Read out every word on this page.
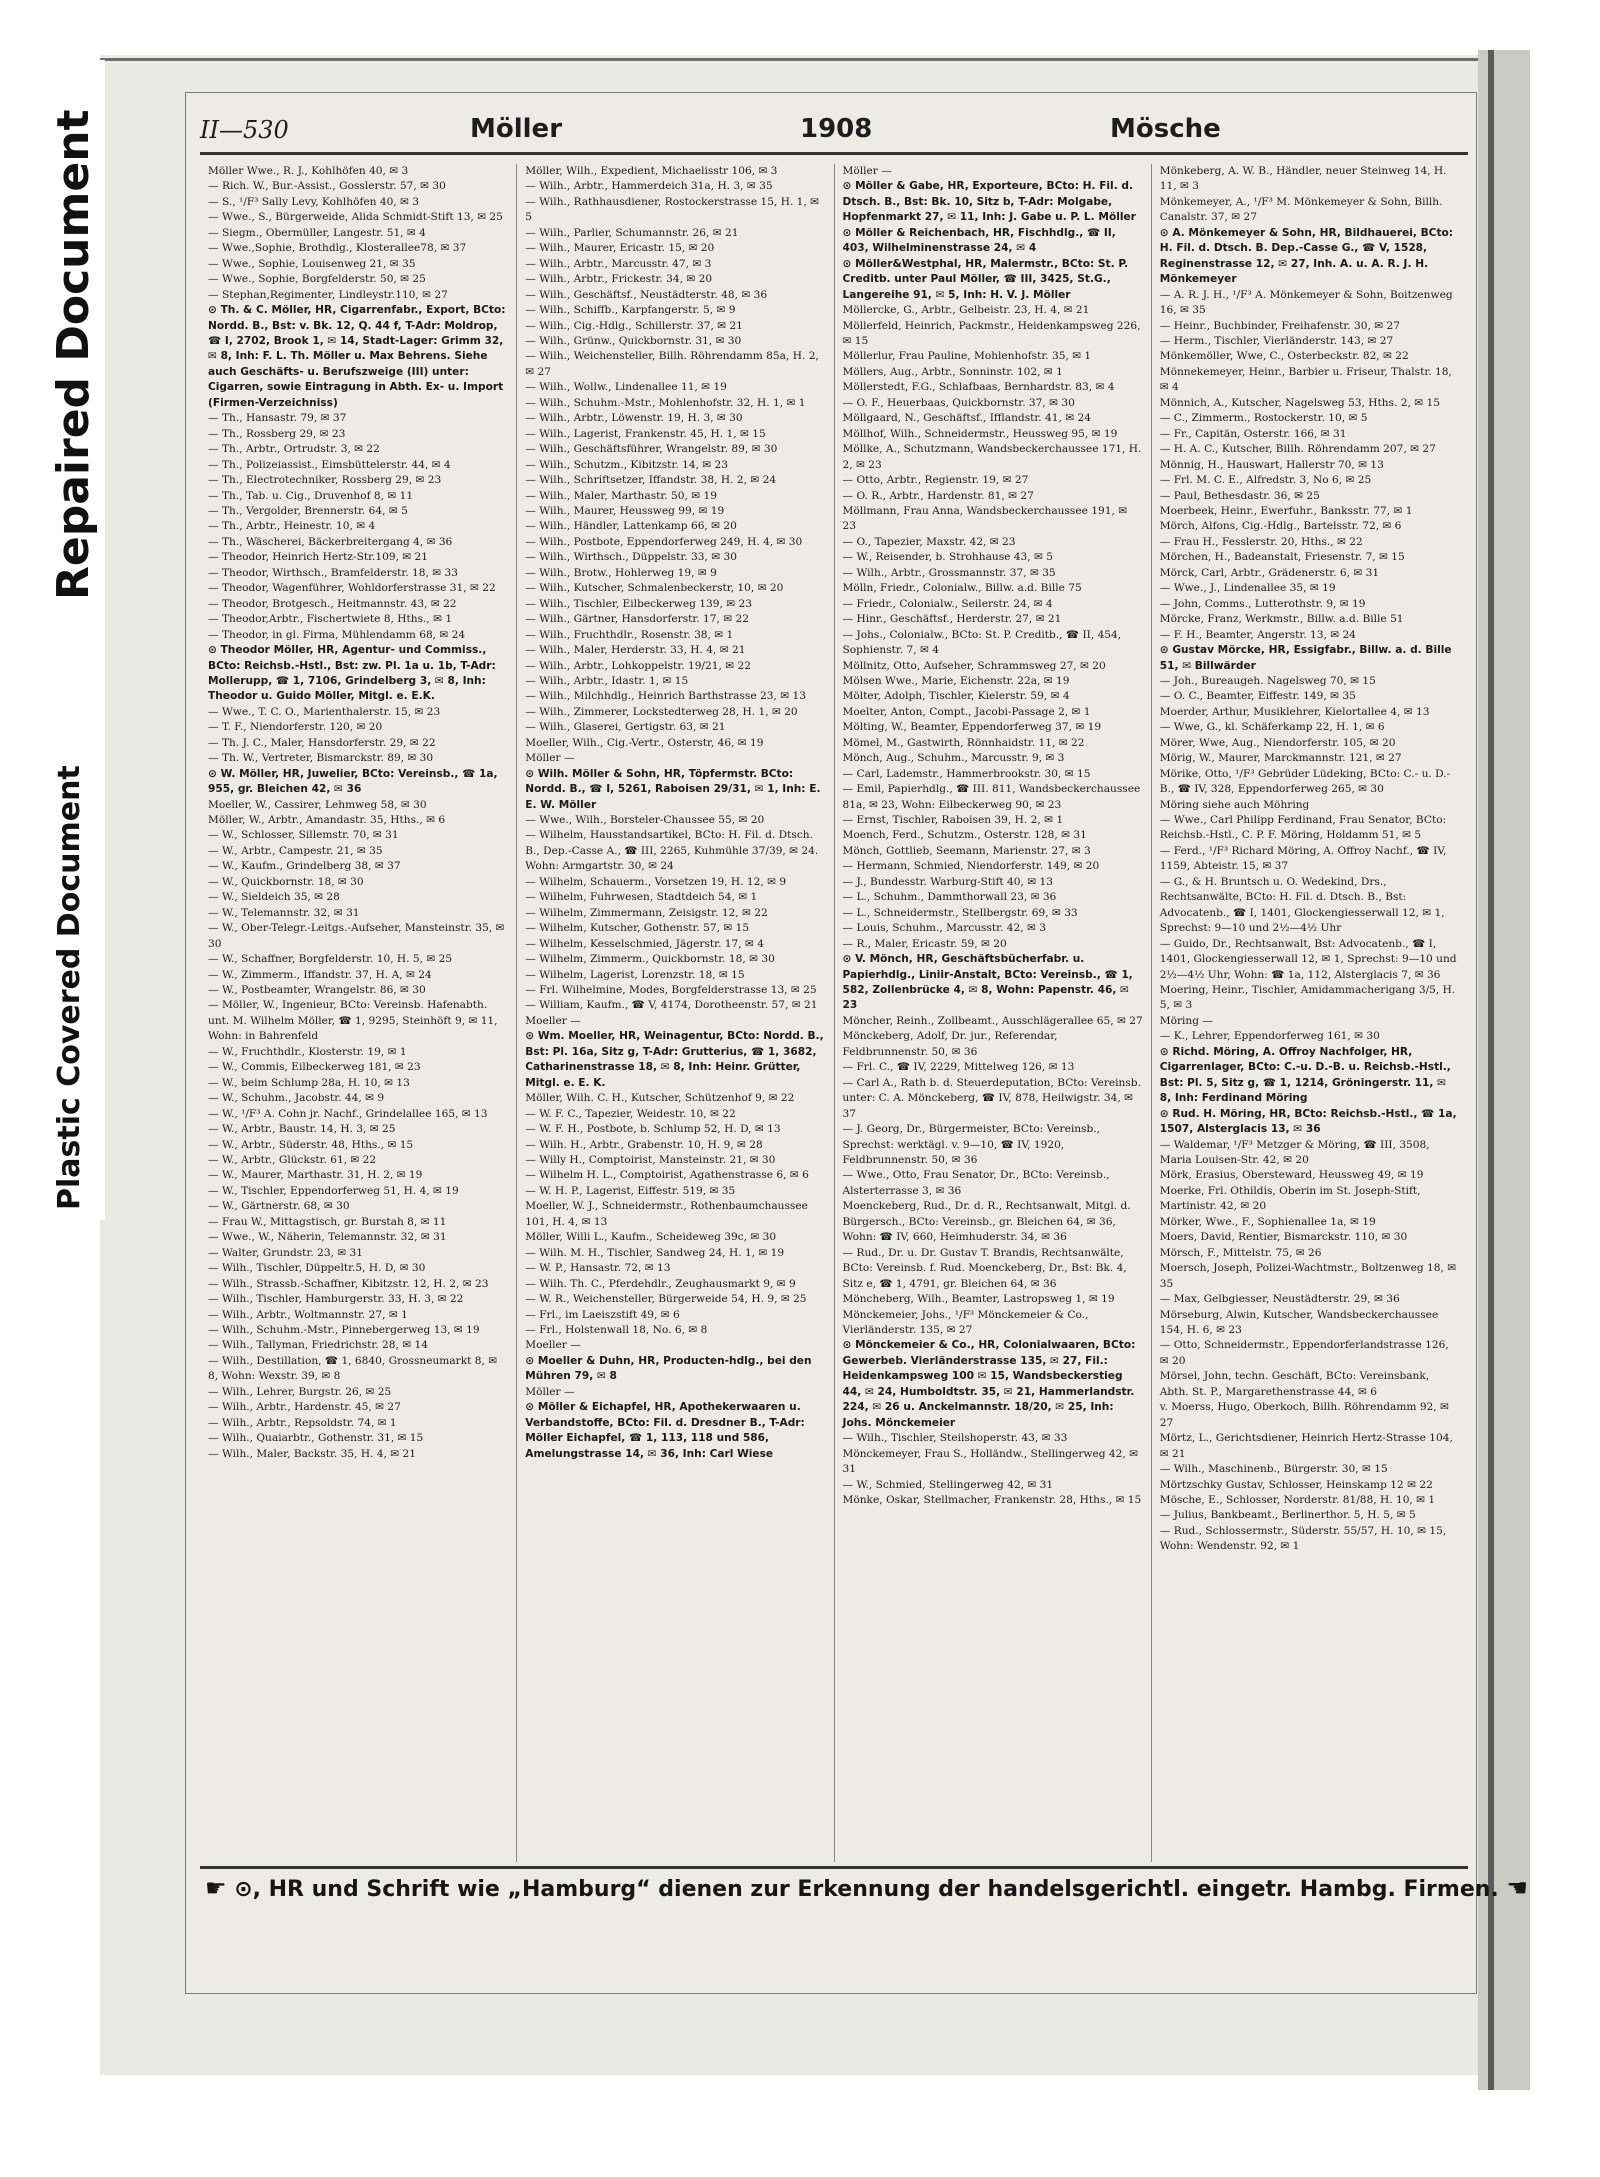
Repaired Document
Plastic Covered Document
II—530	Möller	1908	Mösche

Möller Wwe., R. J., Kohlhöfen 40, ✉ 3

— Rich. W., Bur.-Assist., Gosslerstr. 57, ✉ 30

— S., ¹/F³ Sally Levy, Kohlhöfen 40, ✉ 3

— Wwe., S., Bürgerweide, Alida Schmidt-Stift 13, ✉ 25

— Siegm., Obermüller, Langestr. 51, ✉ 4

— Wwe.,Sophie, Brothdlg., Klosterallee78, ✉ 37

— Wwe., Sophie, Louisenweg 21, ✉ 35

— Wwe., Sophie, Borgfelderstr. 50, ✉ 25

— Stephan,Regimenter, Lindleystr.110, ✉ 27

⊙ Th. & C. Möller, HR, Cigarrenfabr., Export, BCto: Nordd. B., Bst: v. Bk. 12, Q. 44 f, T-Adr: Moldrop, ☎ I, 2702, Brook 1, ✉ 14, Stadt-Lager: Grimm 32, ✉ 8, Inh: F. L. Th. Möller u. Max Behrens. Siehe auch Geschäfts- u. Berufszweige (III) unter: Cigarren, sowie Eintragung in Abth. Ex- u. Import (Firmen-Verzeichniss)

— Th., Hansastr. 79, ✉ 37

— Th., Rossberg 29, ✉ 23

— Th., Arbtr., Ortrudstr. 3, ✉ 22

— Th., Polizeiassist., Eimsbüttelerstr. 44, ✉ 4

— Th., Electrotechniker, Rossberg 29, ✉ 23

— Th., Tab. u. Cig., Druvenhof 8, ✉ 11

— Th., Vergolder, Brennerstr. 64, ✉ 5

— Th., Arbtr., Heinestr. 10, ✉ 4

— Th., Wäscherei, Bäckerbreitergang 4, ✉ 36

— Theodor, Heinrich Hertz-Str.109, ✉ 21

— Theodor, Wirthsch., Bramfelderstr. 18, ✉ 33

— Theodor, Wagenführer, Wohldorferstrasse 31, ✉ 22

— Theodor, Brotgesch., Heitmannstr. 43, ✉ 22

— Theodor,Arbtr., Fischertwiete 8, Hths., ✉ 1

— Theodor, in gl. Firma, Mühlendamm 68, ✉ 24

⊙ Theodor Möller, HR, Agentur- und Commiss., BCto: Reichsb.-Hstl., Bst: zw. Pl. 1a u. 1b, T-Adr: Mollerupp, ☎ 1, 7106, Grindelberg 3, ✉ 8, Inh: Theodor u. Guido Möller, Mitgl. e. E.K.

— Wwe., T. C. O., Marienthalerstr. 15, ✉ 23

— T. F., Niendorferstr. 120, ✉ 20

— Th. J. C., Maler, Hansdorferstr. 29, ✉ 22

— Th. W., Vertreter, Bismarckstr. 89, ✉ 30

⊙ W. Möller, HR, Juwelier, BCto: Vereinsb., ☎ 1a, 955, gr. Bleichen 42, ✉ 36

Moeller, W., Cassirer, Lehmweg 58, ✉ 30

Möller, W., Arbtr., Amandastr. 35, Hths., ✉ 6

— W., Schlosser, Sillemstr. 70, ✉ 31

— W., Arbtr., Campestr. 21, ✉ 35

— W., Kaufm., Grindelberg 38, ✉ 37

— W., Quickbornstr. 18, ✉ 30

— W., Sieldeich 35, ✉ 28

— W., Telemannstr. 32, ✉ 31

— W., Ober-Telegr.-Leitgs.-Aufseher, Mansteinstr. 35, ✉ 30

— W., Schaffner, Borgfelderstr. 10, H. 5, ✉ 25

— W., Zimmerm., Iffandstr. 37, H. A, ✉ 24

— W., Postbeamter, Wrangelstr. 86, ✉ 30

— Möller, W., Ingenieur, BCto: Vereinsb. Hafenabth. unt. M. Wilhelm Möller, ☎ 1, 9295, Steinhöft 9, ✉ 11, Wohn: in Bahrenfeld

— W., Fruchthdlr., Klosterstr. 19, ✉ 1

— W., Commis, Eilbeckerweg 181, ✉ 23

— W., beim Schlump 28a, H. 10, ✉ 13

— W., Schuhm., Jacobstr. 44, ✉ 9

— W., ¹/F³ A. Cohn jr. Nachf., Grindelallee 165, ✉ 13

— W., Arbtr., Baustr. 14, H. 3, ✉ 25

— W., Arbtr., Süderstr. 48, Hths., ✉ 15

— W., Arbtr., Glückstr. 61, ✉ 22

— W., Maurer, Marthastr. 31, H. 2, ✉ 19

— W., Tischler, Eppendorferweg 51, H. 4, ✉ 19

— W., Gärtnerstr. 68, ✉ 30

— Frau W., Mittagstisch, gr. Burstah 8, ✉ 11

— Wwe., W., Näherin, Telemannstr. 32, ✉ 31

— Walter, Grundstr. 23, ✉ 31

— Wilh., Tischler, Düppeltr.5, H. D, ✉ 30

— Wilh., Strassb.-Schaffner, Kibitzstr. 12, H. 2, ✉ 23

— Wilh., Tischler, Hamburgerstr. 33, H. 3, ✉ 22

— Wilh., Arbtr., Woltmannstr. 27, ✉ 1

— Wilh., Schuhm.-Mstr., Pinnebergerweg 13, ✉ 19

— Wilh., Tallyman, Friedrichstr. 28, ✉ 14

— Wilh., Destillation, ☎ 1, 6840, Grossneumarkt 8, ✉ 8, Wohn: Wexstr. 39, ✉ 8

— Wilh., Lehrer, Burgstr. 26, ✉ 25

— Wilh., Arbtr., Hardenstr. 45, ✉ 27

— Wilh., Arbtr., Repsoldstr. 74, ✉ 1

— Wilh., Quaiarbtr., Gothenstr. 31, ✉ 15

— Wilh., Maler, Backstr. 35, H. 4, ✉ 21

Möller, Wilh., Expedient, Michaelisstr 106, ✉ 3

— Wilh., Arbtr., Hammerdeich 31a, H. 3, ✉ 35

— Wilh., Rathhausdiener, Rostockerstrasse 15, H. 1, ✉ 5

— Wilh., Parlier, Schumannstr. 26, ✉ 21

— Wilh., Maurer, Ericastr. 15, ✉ 20

— Wilh., Arbtr., Marcusstr. 47, ✉ 3

— Wilh., Arbtr., Frickestr. 34, ✉ 20

— Wilh., Geschäftsf., Neustädterstr. 48, ✉ 36

— Wilh., Schiffb., Karpfangerstr. 5, ✉ 9

— Wilh., Cig.-Hdlg., Schillerstr. 37, ✉ 21

— Wilh., Grünw., Quickbornstr. 31, ✉ 30

— Wilh., Weichensteller, Billh. Röhrendamm 85a, H. 2, ✉ 27

— Wilh., Wollw., Lindenallee 11, ✉ 19

— Wilh., Schuhm.-Mstr., Mohlenhofstr. 32, H. 1, ✉ 1

— Wilh., Arbtr., Löwenstr. 19, H. 3, ✉ 30

— Wilh., Lagerist, Frankenstr. 45, H. 1, ✉ 15

— Wilh., Geschäftsführer, Wrangelstr. 89, ✉ 30

— Wilh., Schutzm., Kibitzstr. 14, ✉ 23

— Wilh., Schriftsetzer, Iffandstr. 38, H. 2, ✉ 24

— Wilh., Maler, Marthastr. 50, ✉ 19

— Wilh., Maurer, Heussweg 99, ✉ 19

— Wilh., Händler, Lattenkamp 66, ✉ 20

— Wilh., Postbote, Eppendorferweg 249, H. 4, ✉ 30

— Wilh., Wirthsch., Düppelstr. 33, ✉ 30

— Wilh., Brotw., Hohlerweg 19, ✉ 9

— Wilh., Kutscher, Schmalenbeckerstr, 10, ✉ 20

— Wilh., Tischler, Eilbeckerweg 139, ✉ 23

— Wilh., Gärtner, Hansdorferstr. 17, ✉ 22

— Wilh., Fruchthdlr., Rosenstr. 38, ✉ 1

— Wilh., Maler, Herderstr. 33, H. 4, ✉ 21

— Wilh., Arbtr., Lohkoppelstr. 19/21, ✉ 22

— Wilh., Arbtr., Idastr. 1, ✉ 15

— Wilh., Milchhdlg., Heinrich Barthstrasse 23, ✉ 13

— Wilh., Zimmerer, Lockstedterweg 28, H. 1, ✉ 20

— Wilh., Glaserei, Gertigstr. 63, ✉ 21

Moeller, Wilh., Cig.-Vertr., Osterstr, 46, ✉ 19

Möller —

⊙ Wilh. Möller & Sohn, HR, Töpfermstr. BCto: Nordd. B., ☎ I, 5261, Raboisen 29/31, ✉ 1, Inh: E. E. W. Möller

— Wwe., Wilh., Borsteler-Chaussee 55, ✉ 20

— Wilhelm, Hausstandsartikel, BCto: H. Fil. d. Dtsch. B., Dep.-Casse A., ☎ III, 2265, Kuhmühle 37/39, ✉ 24. Wohn: Armgartstr. 30, ✉ 24

— Wilhelm, Schauerm., Vorsetzen 19, H. 12, ✉ 9

— Wilhelm, Fuhrwesen, Stadtdeich 54, ✉ 1

— Wilhelm, Zimmermann, Zeisigstr. 12, ✉ 22

— Wilhelm, Kutscher, Gothenstr. 57, ✉ 15

— Wilhelm, Kesselschmied, Jägerstr. 17, ✉ 4

— Wilhelm, Zimmerm., Quickbornstr. 18, ✉ 30

— Wilhelm, Lagerist, Lorenzstr. 18, ✉ 15

— Frl. Wilhelmine, Modes, Borgfelderstrasse 13, ✉ 25

— William, Kaufm., ☎ V, 4174, Dorotheenstr. 57, ✉ 21

Moeller —

⊙ Wm. Moeller, HR, Weinagentur, BCto: Nordd. B., Bst: Pl. 16a, Sitz g, T-Adr: Grutterius, ☎ 1, 3682, Catharinenstrasse 18, ✉ 8, Inh: Heinr. Grütter, Mitgl. e. E. K.

Möller, Wilh. C. H., Kutscher, Schützenhof 9, ✉ 22

— W. F. C., Tapezier, Weidestr. 10, ✉ 22

— W. F. H., Postbote, b. Schlump 52, H. D, ✉ 13

— Wilh. H., Arbtr., Grabenstr. 10, H. 9, ✉ 28

— Willy H., Comptoirist, Mansteinstr. 21, ✉ 30

— Wilhelm H. L., Comptoirist, Agathenstrasse 6, ✉ 6

— W. H. P., Lagerist, Eiffestr. 519, ✉ 35

Moeller, W. J., Schneidermstr., Rothenbaumchaussee 101, H. 4, ✉ 13

Möller, Willi L., Kaufm., Scheideweg 39c, ✉ 30

— Wilh. M. H., Tischler, Sandweg 24, H. 1, ✉ 19

— W. P., Hansastr. 72, ✉ 13

— Wilh. Th. C., Pferdehdlr., Zeughausmarkt 9, ✉ 9

— W. R., Weichensteller, Bürgerweide 54, H. 9, ✉ 25

— Frl., im Laeiszstift 49, ✉ 6

— Frl., Holstenwall 18, No. 6, ✉ 8

Moeller —

⊙ Moeller & Duhn, HR, Producten-hdlg., bei den Mühren 79, ✉ 8

Möller —

⊙ Möller & Eichapfel, HR, Apothekerwaaren u. Verbandstoffe, BCto: Fil. d. Dresdner B., T-Adr: Möller Eichapfel, ☎ 1, 113, 118 und 586, Amelungstrasse 14, ✉ 36, Inh: Carl Wiese

Möller —

⊙ Möller & Gabe, HR, Exporteure, BCto: H. Fil. d. Dtsch. B., Bst: Bk. 10, Sitz b, T-Adr: Molgabe, Hopfenmarkt 27, ✉ 11, Inh: J. Gabe u. P. L. Möller

⊙ Möller & Reichenbach, HR, Fischhdlg., ☎ II, 403, Wilhelminenstrasse 24, ✉ 4

⊙ Möller&Westphal, HR, Malermstr., BCto: St. P. Creditb. unter Paul Möller, ☎ III, 3425, St.G., Langereihe 91, ✉ 5, Inh: H. V. J. Möller

Möllercke, G., Arbtr., Gelbeistr. 23, H. 4, ✉ 21

Möllerfeld, Heinrich, Packmstr., Heidenkampsweg 226, ✉ 15

Möllerlur, Frau Pauline, Mohlenhofstr. 35, ✉ 1

Möllers, Aug., Arbtr., Sonninstr. 102, ✉ 1

Möllerstedt, F.G., Schlafbaas, Bernhardstr. 83, ✉ 4

— O. F., Heuerbaas, Quickbornstr. 37, ✉ 30

Möllgaard, N., Geschäftsf., Ifflandstr. 41, ✉ 24

Möllhof, Wilh., Schneidermstr., Heussweg 95, ✉ 19

Möllke, A., Schutzmann, Wandsbeckerchaussee 171, H. 2, ✉ 23

— Otto, Arbtr., Regienstr. 19, ✉ 27

— O. R., Arbtr., Hardenstr. 81, ✉ 27

Möllmann, Frau Anna, Wandsbeckerchaussee 191, ✉ 23

— O., Tapezier, Maxstr. 42, ✉ 23

— W., Reisender, b. Strohhause 43, ✉ 5

— Wilh., Arbtr., Grossmannstr. 37, ✉ 35

Mölln, Friedr., Colonialw., Billw. a.d. Bille 75

— Friedr., Colonialw., Seilerstr. 24, ✉ 4

— Hinr., Geschäftsf., Herderstr. 27, ✉ 21

— Johs., Colonialw., BCto: St. P. Creditb., ☎ II, 454, Sophienstr. 7, ✉ 4

Möllnitz, Otto, Aufseher, Schrammsweg 27, ✉ 20

Mölsen Wwe., Marie, Eichenstr. 22a, ✉ 19

Mölter, Adolph, Tischler, Kielerstr. 59, ✉ 4

Moelter, Anton, Compt., Jacobi-Passage 2, ✉ 1

Mölting, W., Beamter, Eppendorferweg 37, ✉ 19

Mömel, M., Gastwirth, Rönnhaidstr. 11, ✉ 22

Mönch, Aug., Schuhm., Marcusstr. 9, ✉ 3

— Carl, Lademstr., Hammerbrookstr. 30, ✉ 15

— Emil, Papierhdlg., ☎ III. 811, Wandsbeckerchaussee 81a, ✉ 23, Wohn: Eilbeckerweg 90, ✉ 23

— Ernst, Tischler, Raboisen 39, H. 2, ✉ 1

Moench, Ferd., Schutzm., Osterstr. 128, ✉ 31

Mönch, Gottlieb, Seemann, Marienstr. 27, ✉ 3

— Hermann, Schmied, Niendorferstr. 149, ✉ 20

— J., Bundesstr. Warburg-Stift 40, ✉ 13

— L., Schuhm., Dammthorwall 23, ✉ 36

— L., Schneidermstr., Stellbergstr. 69, ✉ 33

— Louis, Schuhm., Marcusstr. 42, ✉ 3

— R., Maler, Ericastr. 59, ✉ 20

⊙ V. Mönch, HR, Geschäftsbücherfabr. u. Papierhdlg., Liniir-Anstalt, BCto: Vereinsb., ☎ 1, 582, Zollenbrücke 4, ✉ 8, Wohn: Papenstr. 46, ✉ 23

Möncher, Reinh., Zollbeamt., Ausschlägerallee 65, ✉ 27

Mönckeberg, Adolf, Dr. jur., Referendar, Feldbrunnenstr. 50, ✉ 36

— Frl. C., ☎ IV, 2229, Mittelweg 126, ✉ 13

— Carl A., Rath b. d. Steuerdeputation, BCto: Vereinsb. unter: C. A. Mönckeberg, ☎ IV, 878, Heilwigstr. 34, ✉ 37

— J. Georg, Dr., Bürgermeister, BCto: Vereinsb., Sprechst: werktägl. v. 9—10, ☎ IV, 1920, Feldbrunnenstr. 50, ✉ 36

— Wwe., Otto, Frau Senator, Dr., BCto: Vereinsb., Alsterterrasse 3, ✉ 36

Moenckeberg, Rud., Dr. d. R., Rechtsanwalt, Mitgl. d. Bürgersch., BCto: Vereinsb., gr. Bleichen 64, ✉ 36, Wohn: ☎ IV, 660, Heimhuderstr. 34, ✉ 36

— Rud., Dr. u. Dr. Gustav T. Brandis, Rechtsanwälte, BCto: Vereinsb. f. Rud. Moenckeberg, Dr., Bst: Bk. 4, Sitz e, ☎ 1, 4791, gr. Bleichen 64, ✉ 36

Möncheberg, Wilh., Beamter, Lastropsweg 1, ✉ 19

Mönckemeier, Johs., ¹/F³ Mönckemeier & Co., Vierländerstr. 135, ✉ 27

⊙ Mönckemeier & Co., HR, Colonialwaaren, BCto: Gewerbeb. Vierländerstrasse 135, ✉ 27, Fil.: Heidenkampsweg 100 ✉ 15, Wandsbeckerstieg 44, ✉ 24, Humboldtstr. 35, ✉ 21, Hammerlandstr. 224, ✉ 26 u. Anckelmannstr. 18/20, ✉ 25, Inh: Johs. Mönckemeier

— Wilh., Tischler, Steilshoperstr. 43, ✉ 33

Mönckemeyer, Frau S., Holländw., Stellingerweg 42, ✉ 31

— W., Schmied, Stellingerweg 42, ✉ 31

Mönke, Oskar, Stellmacher, Frankenstr. 28, Hths., ✉ 15

Mönkeberg, A. W. B., Händler, neuer Steinweg 14, H. 11, ✉ 3

Mönkemeyer, A., ¹/F³ M. Mönkemeyer & Sohn, Billh. Canalstr. 37, ✉ 27

⊙ A. Mönkemeyer & Sohn, HR, Bildhauerei, BCto: H. Fil. d. Dtsch. B. Dep.-Casse G., ☎ V, 1528, Reginenstrasse 12, ✉ 27, Inh. A. u. A. R. J. H. Mönkemeyer

— A. R. J. H., ¹/F³ A. Mönkemeyer & Sohn, Boitzenweg 16, ✉ 35

— Heinr., Buchbinder, Freihafenstr. 30, ✉ 27

— Herm., Tischler, Vierländerstr. 143, ✉ 27

Mönkemöller, Wwe, C., Osterbeckstr. 82, ✉ 22

Mönnekemeyer, Heinr., Barbier u. Friseur, Thalstr. 18, ✉ 4

Mönnich, A., Kutscher, Nagelsweg 53, Hths. 2, ✉ 15

— C., Zimmerm., Rostockerstr. 10, ✉ 5

— Fr., Capitän, Osterstr. 166, ✉ 31

— H. A. C., Kutscher, Billh. Röhrendamm 207, ✉ 27

Mönnig, H., Hauswart, Hallerstr 70, ✉ 13

— Frl. M. C. E., Alfredstr. 3, No 6, ✉ 25

— Paul, Bethesdastr. 36, ✉ 25

Moerbeek, Heinr., Ewerfuhr., Banksstr. 77, ✉ 1

Mörch, Alfons, Cig.-Hdlg., Bartelsstr. 72, ✉ 6

— Frau H., Fesslerstr. 20, Hths., ✉ 22

Mörchen, H., Badeanstalt, Friesenstr. 7, ✉ 15

Mörck, Carl, Arbtr., Grädenerstr. 6, ✉ 31

— Wwe., J., Lindenallee 35, ✉ 19

— John, Comms., Lutterothstr. 9, ✉ 19

Mörcke, Franz, Werkmstr., Billw. a.d. Bille 51

— F. H., Beamter, Angerstr. 13, ✉ 24

⊙ Gustav Mörcke, HR, Essigfabr., Billw. a. d. Bille 51, ✉ Billwärder

— Joh., Bureaugeh. Nagelsweg 70, ✉ 15

— O. C., Beamter, Eiffestr. 149, ✉ 35

Moerder, Arthur, Musiklehrer, Kielortallee 4, ✉ 13

— Wwe, G., kl. Schäferkamp 22, H. 1, ✉ 6

Mörer, Wwe, Aug., Niendorferstr. 105, ✉ 20

Mörig, W., Maurer, Marckmannstr. 121, ✉ 27

Mörike, Otto, ¹/F³ Gebrüder Lüdeking, BCto: C.- u. D.-B., ☎ IV, 328, Eppendorferweg 265, ✉ 30

Möring siehe auch Möhring

— Wwe., Carl Philipp Ferdinand, Frau Senator, BCto: Reichsb.-Hstl., C. P. F. Möring, Holdamm 51, ✉ 5

— Ferd., ¹/F³ Richard Möring, A. Offroy Nachf., ☎ IV, 1159, Abteistr. 15, ✉ 37

— G., & H. Bruntsch u. O. Wedekind, Drs., Rechtsanwälte, BCto: H. Fil. d. Dtsch. B., Bst: Advocatenb., ☎ I, 1401, Glockengiesserwall 12, ✉ 1, Sprechst: 9—10 und 2½—4½ Uhr

— Guido, Dr., Rechtsanwalt, Bst: Advocatenb., ☎ I, 1401, Glockengiesserwall 12, ✉ 1, Sprechst: 9—10 und 2½—4½ Uhr, Wohn: ☎ 1a, 112, Alsterglacis 7, ✉ 36

Moering, Heinr., Tischler, Amidammacherigang 3/5, H. 5, ✉ 3

Möring —

— K., Lehrer, Eppendorferweg 161, ✉ 30

⊙ Richd. Möring, A. Offroy Nachfolger, HR, Cigarrenlager, BCto: C.-u. D.-B. u. Reichsb.-Hstl., Bst: Pl. 5, Sitz g, ☎ 1, 1214, Gröningerstr. 11, ✉ 8, Inh: Ferdinand Möring

⊙ Rud. H. Möring, HR, BCto: Reichsb.-Hstl., ☎ 1a, 1507, Alsterglacis 13, ✉ 36

— Waldemar, ¹/F³ Metzger & Möring, ☎ III, 3508, Maria Louisen-Str. 42, ✉ 20

Mörk, Erasius, Obersteward, Heussweg 49, ✉ 19

Moerke, Frl. Othildis, Oberin im St. Joseph-Stift, Martinistr. 42, ✉ 20

Mörker, Wwe., F., Sophienallee 1a, ✉ 19

Moers, David, Rentier, Bismarckstr. 110, ✉ 30

Mörsch, F., Mittelstr. 75, ✉ 26

Moersch, Joseph, Polizei-Wachtmstr., Boltzenweg 18, ✉ 35

— Max, Gelbgiesser, Neustädterstr. 29, ✉ 36

Mörseburg, Alwin, Kutscher, Wandsbeckerchaussee 154, H. 6, ✉ 23

— Otto, Schneidermstr., Eppendorferlandstrasse 126, ✉ 20

Mörsel, John, techn. Geschäft, BCto: Vereinsbank, Abth. St. P., Margarethenstrasse 44, ✉ 6

v. Moerss, Hugo, Oberkoch, Billh. Röhrendamm 92, ✉ 27

Mörtz, L., Gerichtsdiener, Heinrich Hertz-Strasse 104, ✉ 21

— Wilh., Maschinenb., Bürgerstr. 30, ✉ 15

Mörtzschky Gustav, Schlosser, Heinskamp 12 ✉ 22

Mösche, E., Schlosser, Norderstr. 81/88, H. 10, ✉ 1

— Julius, Bankbeamt., Berlinerthor. 5, H. 5, ✉ 5

— Rud., Schlossermstr., Süderstr. 55/57, H. 10, ✉ 15, Wohn: Wendenstr. 92, ✉ 1

☛ ⊙, HR und Schrift wie „Hamburg“ dienen zur Erkennung der handelsgerichtl. eingetr. Hambg. Firmen. ☚
